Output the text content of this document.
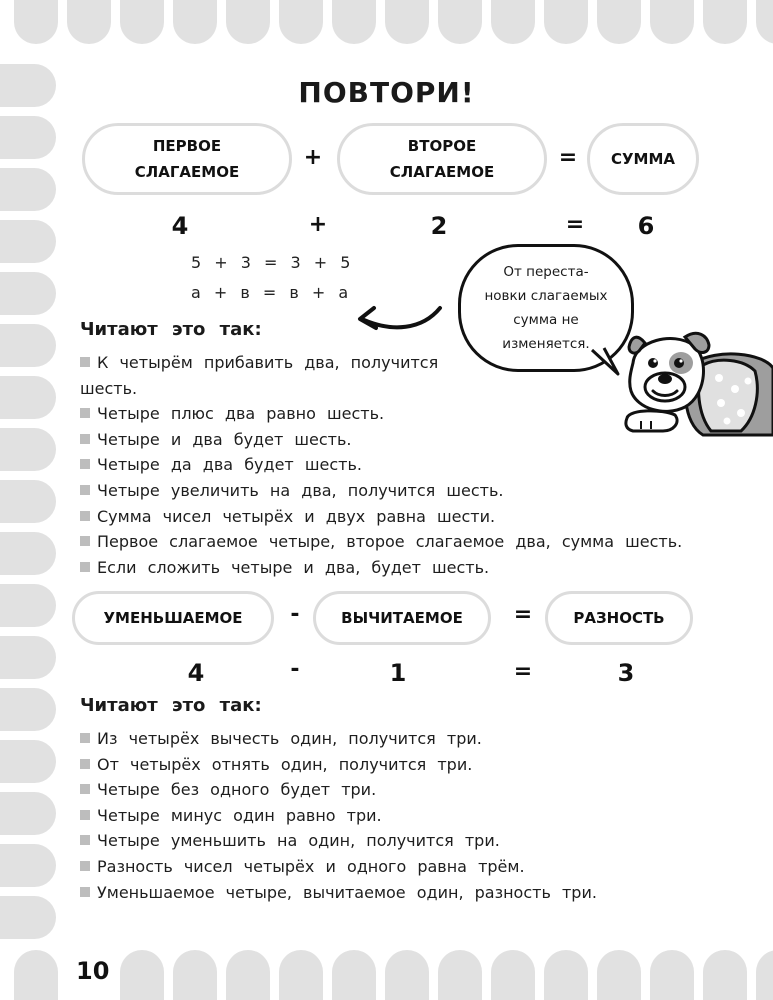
10
ПОВТОРИ!
ПЕРВОЕ
СЛАГАЕМОЕ
+	ВТОРОЕ
СЛАГАЕМОЕ
=	СУММА
4	+	2	=	6
5 + 3 = 3 + 5
а + в = в + а
От переста-
новки слагаемых
сумма не
изменяется.
Читают это так:
К четырём прибавить два, получится
шесть.
Четыре плюс два равно шесть.
Четыре и два будет шесть.
Четыре да два будет шесть.
Четыре увеличить на два, получится шесть.
Сумма чисел четырёх и двух равна шести.
Первое слагаемое четыре, второе слагаемое два, сумма шесть.
Если сложить четыре и два, будет шесть.
УМЕНЬШАЕМОЕ	-	ВЫЧИТАЕМОЕ =	РАЗНОСТЬ
4	-	1	=	3
Читают это так:
Из четырёх вычесть один, получится три.
От четырёх отнять один, получится три.
Четыре без одного будет три.
Четыре минус один равно три.
Четыре уменьшить на один, получится три.
Разность чисел четырёх и одного равна трём.
Уменьшаемое четыре, вычитаемое один, разность три.
